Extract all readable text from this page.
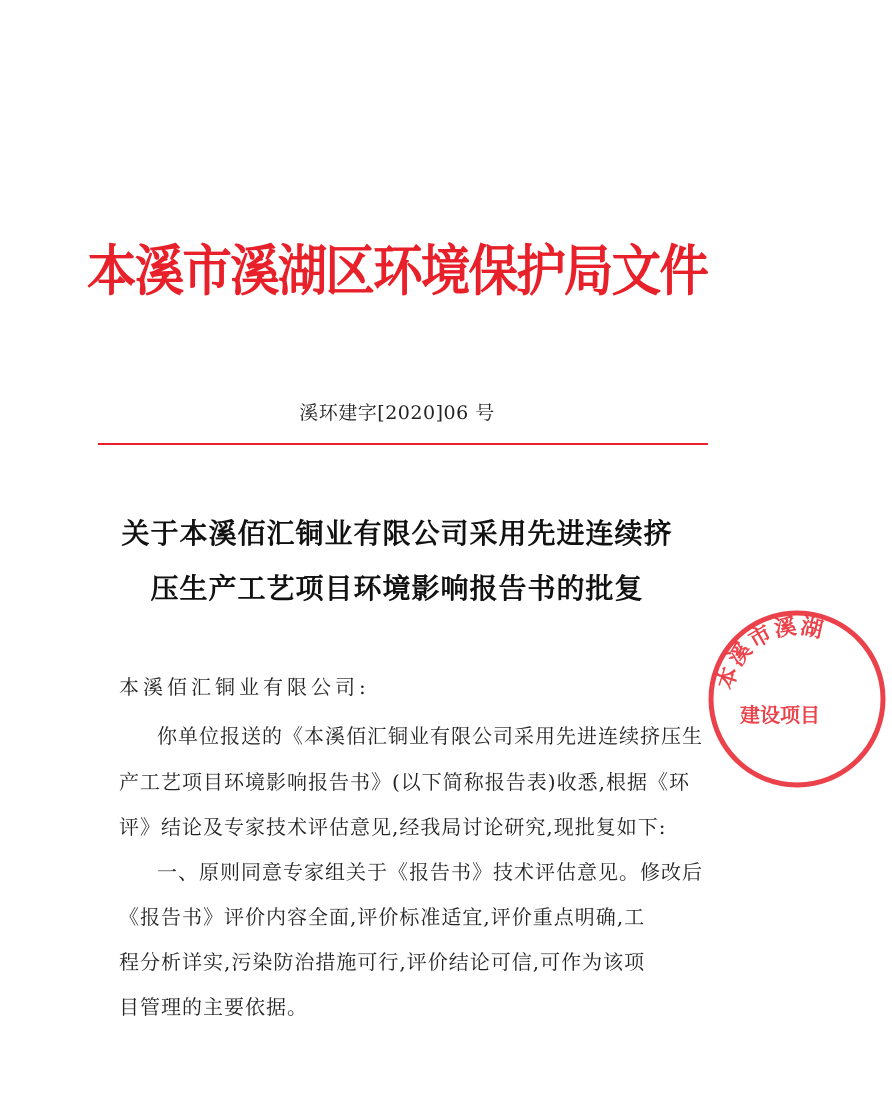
本溪市溪湖区环境保护局文件
溪环建字[2020]06 号
关于本溪佰汇铜业有限公司采用先进连续挤
压生产工艺项目环境影响报告书的批复
本溪佰汇铜业有限公司:
你单位报送的《本溪佰汇铜业有限公司采用先进连续挤压生
产工艺项目环境影响报告书》(以下简称报告表)收悉,根据《环
评》结论及专家技术评估意见,经我局讨论研究,现批复如下:
一、原则同意专家组关于《报告书》技术评估意见。修改后
《报告书》评价内容全面,评价标准适宜,评价重点明确,工
程分析详实,污染防治措施可行,评价结论可信,可作为该项
目管理的主要依据。
本溪市溪湖
建设项目
